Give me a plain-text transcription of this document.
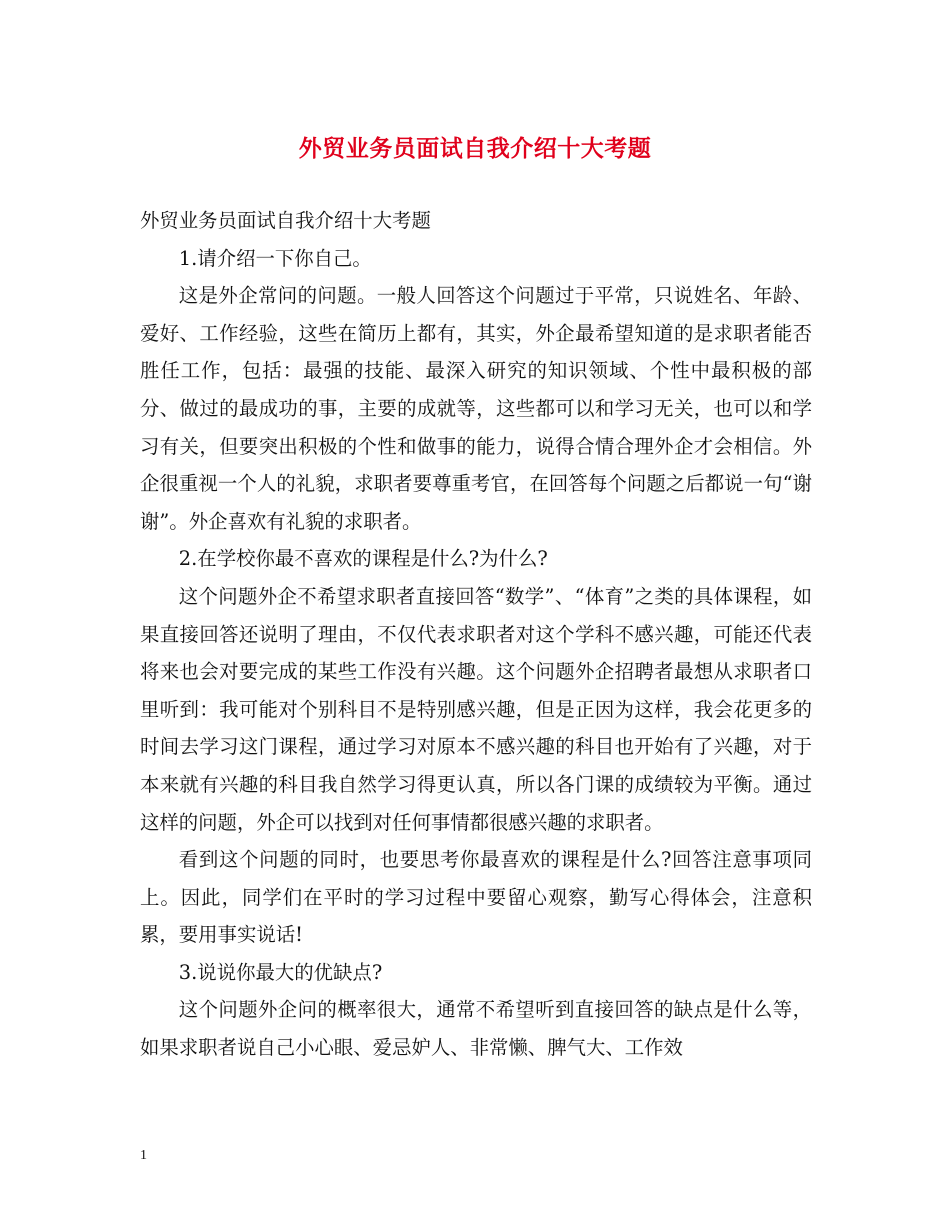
外贸业务员面试自我介绍十大考题

外贸业务员面试自我介绍十大考题

1.请介绍一下你自己。

这是外企常问的问题。一般人回答这个问题过于平常，只说姓名、年龄、爱好、工作经验，这些在简历上都有，其实，外企最希望知道的是求职者能否胜任工作，包括：最强的技能、最深入研究的知识领域、个性中最积极的部分、做过的最成功的事，主要的成就等，这些都可以和学习无关，也可以和学习有关，但要突出积极的个性和做事的能力，说得合情合理外企才会相信。外企很重视一个人的礼貌，求职者要尊重考官，在回答每个问题之后都说一句“谢谢”。外企喜欢有礼貌的求职者。

2.在学校你最不喜欢的课程是什么?为什么?

这个问题外企不希望求职者直接回答“数学”、“体育”之类的具体课程，如果直接回答还说明了理由，不仅代表求职者对这个学科不感兴趣，可能还代表将来也会对要完成的某些工作没有兴趣。这个问题外企招聘者最想从求职者口里听到：我可能对个别科目不是特别感兴趣，但是正因为这样，我会花更多的时间去学习这门课程，通过学习对原本不感兴趣的科目也开始有了兴趣，对于本来就有兴趣的科目我自然学习得更认真，所以各门课的成绩较为平衡。通过这样的问题，外企可以找到对任何事情都很感兴趣的求职者。

看到这个问题的同时，也要思考你最喜欢的课程是什么?回答注意事项同上。因此，同学们在平时的学习过程中要留心观察，勤写心得体会，注意积累，要用事实说话!

3.说说你最大的优缺点?

这个问题外企问的概率很大，通常不希望听到直接回答的缺点是什么等，如果求职者说自己小心眼、爱忌妒人、非常懒、脾气大、工作效

1
